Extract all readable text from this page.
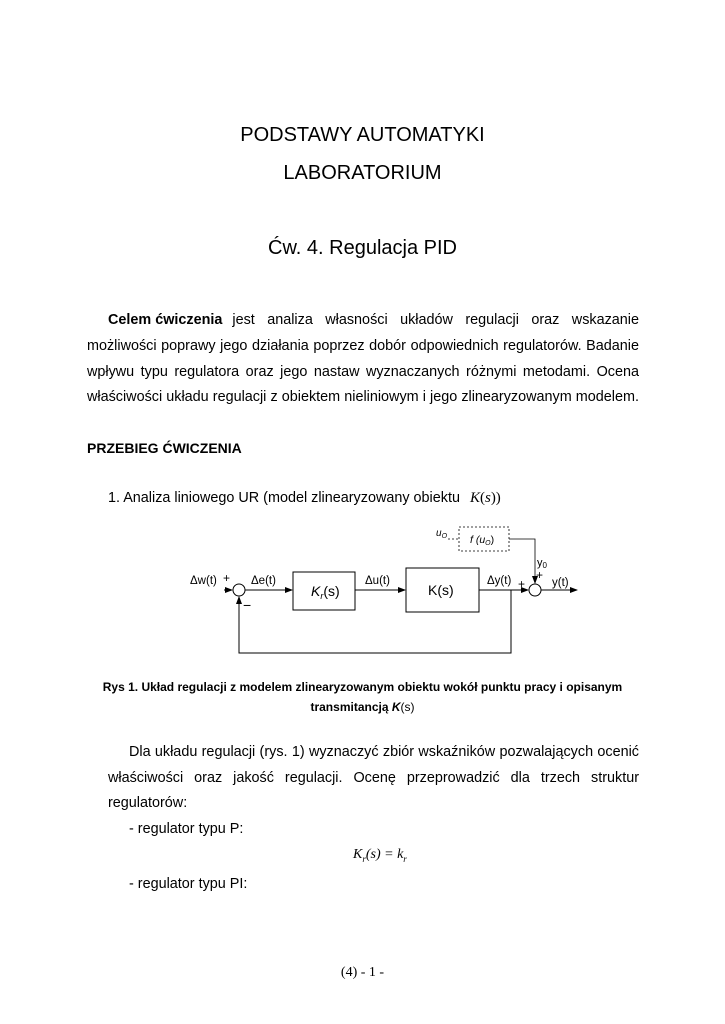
PODSTAWY AUTOMATYKI
LABORATORIUM
Ćw. 4. Regulacja PID
Celem ćwiczenia jest analiza własności układów regulacji oraz wskazanie
możliwości poprawy jego działania poprzez dobór odpowiednich regulatorów. Badanie
wpływu typu regulatora oraz jego nastaw wyznaczanych różnymi metodami. Ocena
właściwości układu regulacji z obiektem nieliniowym i jego zlinearyzowanym modelem.
PRZEBIEG ĆWICZENIA
1. Analiza liniowego UR (model zlinearyzowany obiektu K(s))
Δw(t) +
−
Δe(t)
$K_r(s)$
Δu(t)
K(s)
Δy(t) +
+
y(t)
y0
$u_O$ f (uO)
Rys 1. Układ regulacji z modelem zlinearyzowanym obiektu wokół punktu pracy i opisanym
transmitancją K(s)
Dla układu regulacji (rys. 1) wyznaczyć zbiór wskaźników pozwalających ocenić
właściwości oraz jakość regulacji. Ocenę przeprowadzić dla trzech struktur
regulatorów:
- regulator typu P:
$K_r(s) = k_r$
- regulator typu PI:
(4) - 1 -
